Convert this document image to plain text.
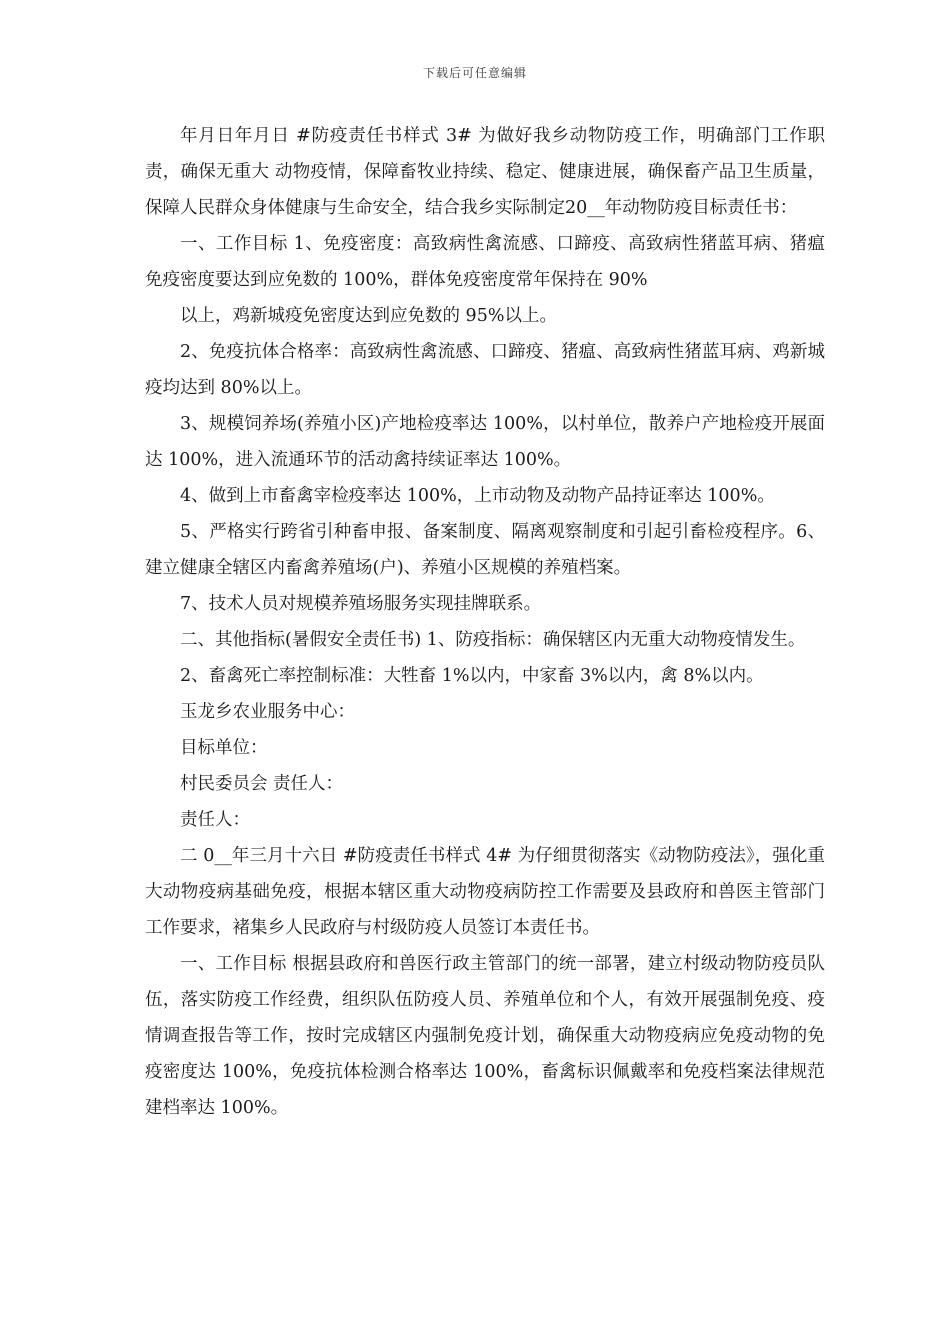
下载后可任意编辑

年月日年月日 #防疫责任书样式 3# 为做好我乡动物防疫工作，明确部门工作职责，确保无重大 动物疫情，保障畜牧业持续、稳定、健康进展，确保畜产品卫生质量，保障人民群众身体健康与生命安全，结合我乡实际制定20__年动物防疫目标责任书：

一、工作目标 1、免疫密度：高致病性禽流感、口蹄疫、高致病性猪蓝耳病、猪瘟免疫密度要达到应免数的 100%，群体免疫密度常年保持在 90%

以上，鸡新城疫免密度达到应免数的 95%以上。

2、免疫抗体合格率：高致病性禽流感、口蹄疫、猪瘟、高致病性猪蓝耳病、鸡新城疫均达到 80%以上。

3、规模饲养场(养殖小区)产地检疫率达 100%，以村单位，散养户产地检疫开展面达 100%，进入流通环节的活动禽持续证率达 100%。

4、做到上市畜禽宰检疫率达 100%，上市动物及动物产品持证率达 100%。

5、严格实行跨省引种畜申报、备案制度、隔离观察制度和引起引畜检疫程序。6、建立健康全辖区内畜禽养殖场(户)、养殖小区规模的养殖档案。

7、技术人员对规模养殖场服务实现挂牌联系。

二、其他指标(暑假安全责任书) 1、防疫指标：确保辖区内无重大动物疫情发生。

2、畜禽死亡率控制标准：大牲畜 1%以内，中家畜 3%以内，禽 8%以内。

玉龙乡农业服务中心：

目标单位：

村民委员会 责任人：

责任人：

二 0__年三月十六日 #防疫责任书样式 4# 为仔细贯彻落实《动物防疫法》，强化重大动物疫病基础免疫，根据本辖区重大动物疫病防控工作需要及县政府和兽医主管部门工作要求，褚集乡人民政府与村级防疫人员签订本责任书。

一、工作目标 根据县政府和兽医行政主管部门的统一部署，建立村级动物防疫员队伍，落实防疫工作经费，组织队伍防疫人员、养殖单位和个人，有效开展强制免疫、疫情调查报告等工作，按时完成辖区内强制免疫计划，确保重大动物疫病应免疫动物的免疫密度达 100%，免疫抗体检测合格率达 100%，畜禽标识佩戴率和免疫档案法律规范建档率达 100%。
